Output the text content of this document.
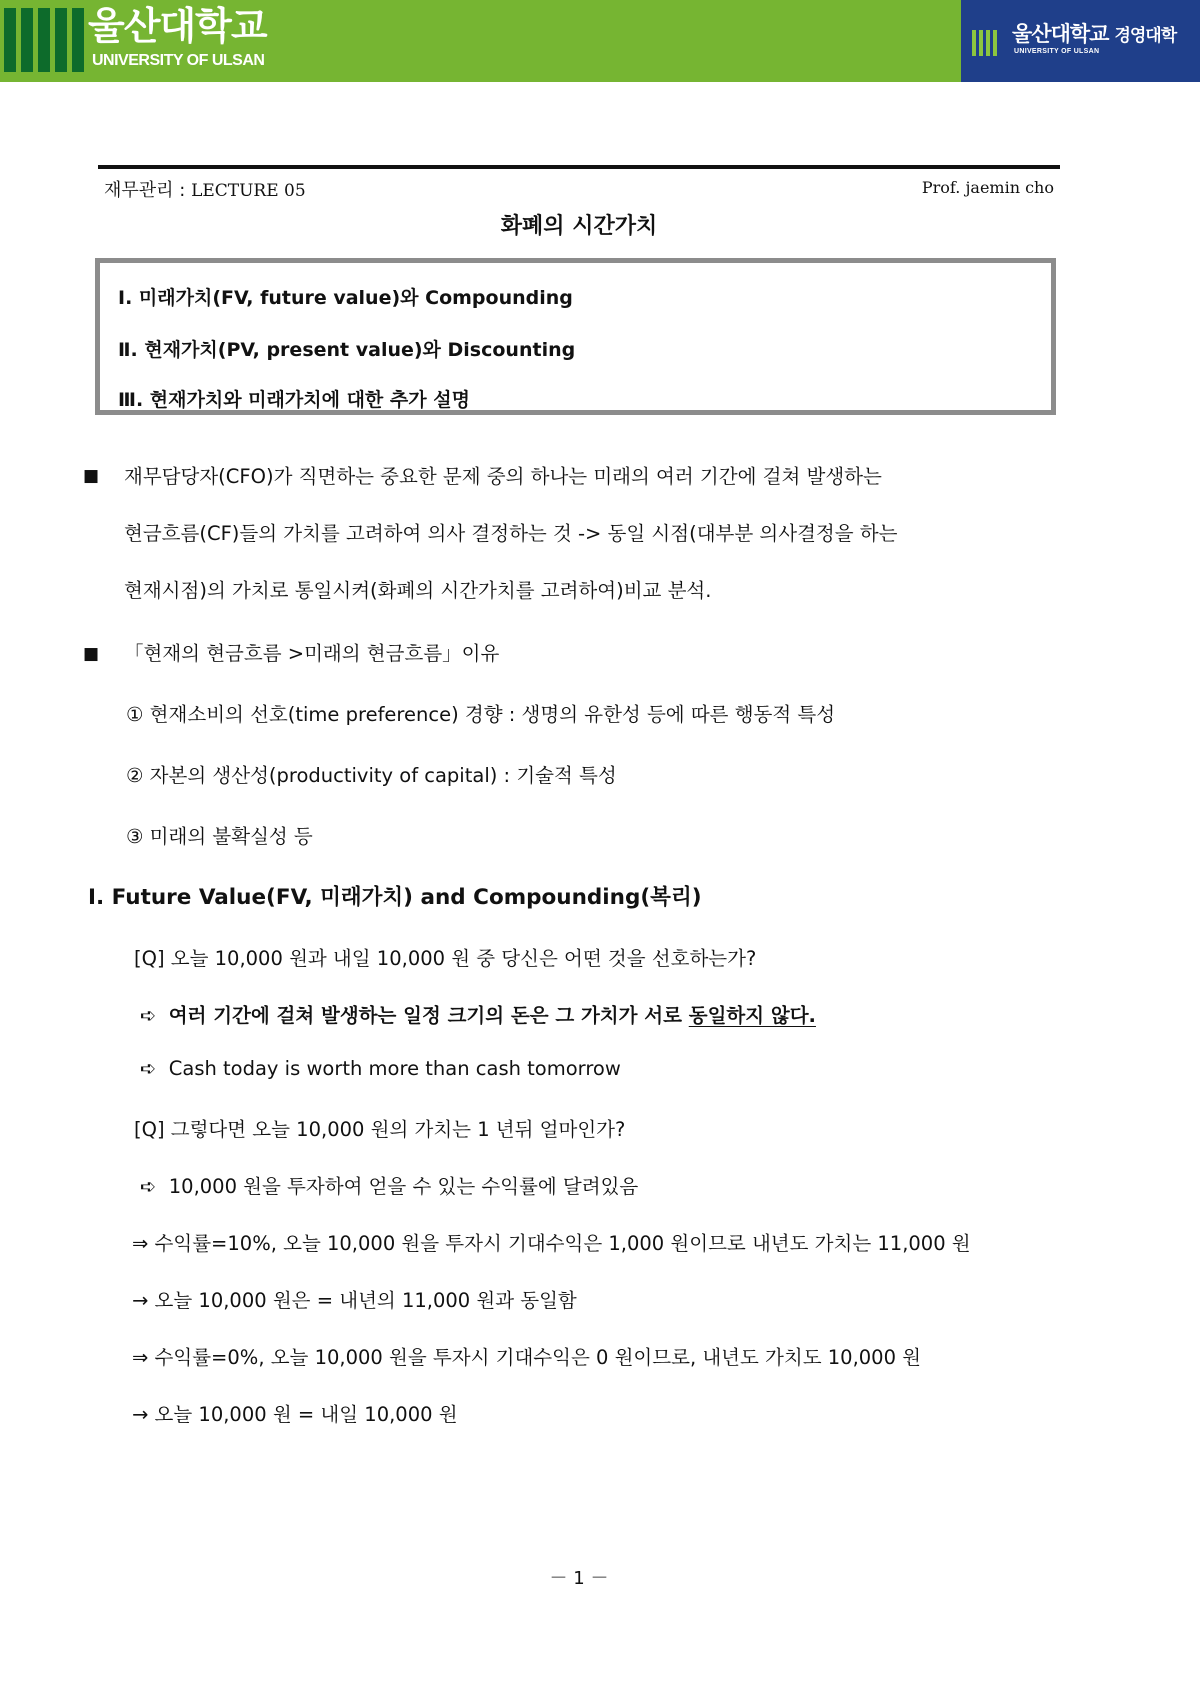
울산대학교
UNIVERSITY OF ULSAN
울산대학교 경영대학
UNIVERSITY OF ULSAN
재무관리 : LECTURE 05	Prof. jaemin cho
화폐의 시간가치
Ⅰ. 미래가치(FV, future value)와 Compounding
Ⅱ. 현재가치(PV, present value)와 Discounting
Ⅲ. 현재가치와 미래가치에 대한 추가 설명
■ 재무담당자(CFO)가 직면하는 중요한 문제 중의 하나는 미래의 여러 기간에 걸쳐 발생하는
현금흐름(CF)들의 가치를 고려하여 의사 결정하는 것 -> 동일 시점(대부분 의사결정을 하는
현재시점)의 가치로 통일시켜(화폐의 시간가치를 고려하여)비교 분석.
■ 「현재의 현금흐름 >미래의 현금흐름」이유
① 현재소비의 선호(time preference) 경향 : 생명의 유한성 등에 따른 행동적 특성
② 자본의 생산성(productivity of capital) : 기술적 특성
③ 미래의 불확실성 등
Ⅰ. Future Value(FV, 미래가치) and Compounding(복리)
[Q] 오늘 10,000 원과 내일 10,000 원 중 당신은 어떤 것을 선호하는가?
➪ 여러 기간에 걸쳐 발생하는 일정 크기의 돈은 그 가치가 서로 동일하지 않다.
➪ Cash today is worth more than cash tomorrow
[Q] 그렇다면 오늘 10,000 원의 가치는 1 년뒤 얼마인가?
➪ 10,000 원을 투자하여 얻을 수 있는 수익률에 달려있음
⇒ 수익률=10%, 오늘 10,000 원을 투자시 기대수익은 1,000 원이므로 내년도 가치는 11,000 원
→ 오늘 10,000 원은 = 내년의 11,000 원과 동일함
⇒ 수익률=0%, 오늘 10,000 원을 투자시 기대수익은 0 원이므로, 내년도 가치도 10,000 원
→ 오늘 10,000 원 = 내일 10,000 원
－ 1 －
